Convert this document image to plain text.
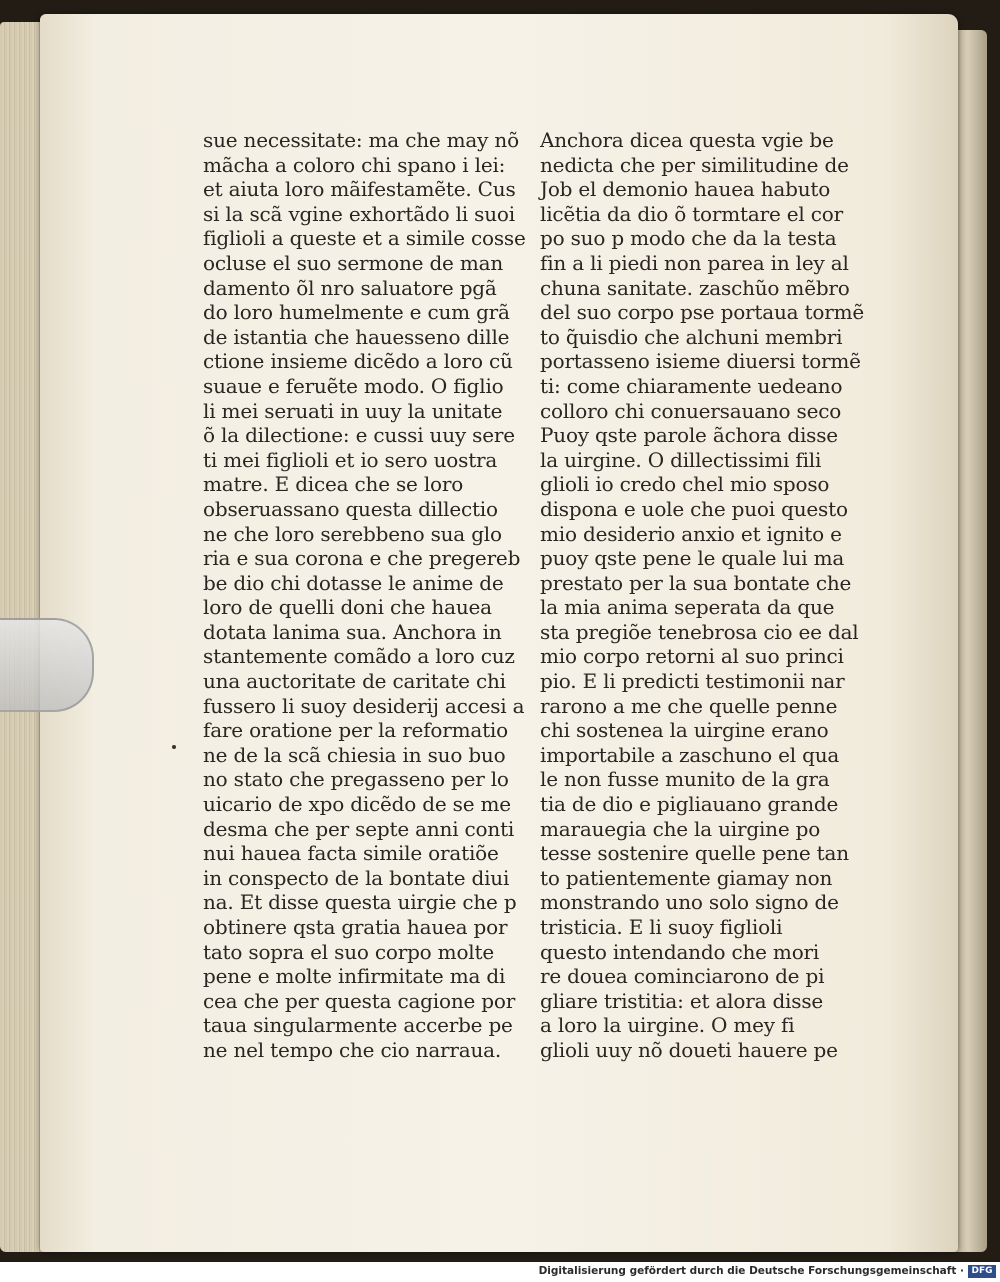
sue necessitate: ma che may nõ
mãcha a coloro chi spano i lei:
et aiuta loro mãifestamẽte. Cus
si la scã vgine exhortãdo li suoi
figlioli a queste et a simile cosse
ocluse el suo sermone de man
damento õl nro saluatore pgã
do loro humelmente e cum grã
de istantia che hauesseno dille
ctione insieme dicẽdo a loro cũ
suaue e feruẽte modo. O figlio
li mei seruati in uuy la unitate
õ la dilectione: e cussi uuy sere
ti mei figlioli et io sero uostra
matre. E dicea che se loro
obseruassano questa dillectio
ne che loro serebbeno sua glo
ria e sua corona e che pregereb
be dio chi dotasse le anime de
loro de quelli doni che hauea
dotata lanima sua. Anchora in
stantemente comãdo a loro cuz
una auctoritate de caritate chi
fussero li suoy desiderij accesi a
fare oratione per la reformatio
ne de la scã chiesia in suo buo
no stato che pregasseno per lo
uicario de xpo dicẽdo de se me
desma che per septe anni conti
nui hauea facta simile oratiõe
in conspecto de la bontate diui
na. Et disse questa uirgie che p
obtinere qsta gratia hauea por
tato sopra el suo corpo molte
pene e molte infirmitate ma di
cea che per questa cagione por
taua singularmente accerbe pe
ne nel tempo che cio narraua.
Anchora dicea questa vgie be
nedicta che per similitudine de
Job el demonio hauea habuto
licẽtia da dio õ tormtare el cor
po suo p modo che da la testa
fin a li piedi non parea in ley al
chuna sanitate. zaschũo mẽbro
del suo corpo pse portaua tormẽ
to q̃uisdio che alchuni membri
portasseno isieme diuersi tormẽ
ti: come chiaramente uedeano
colloro chi conuersauano seco
Puoy qste parole ãchora disse
la uirgine. O dillectissimi fili
glioli io credo chel mio sposo
dispona e uole che puoi questo
mio desiderio anxio et ignito e
puoy qste pene le quale lui ma
prestato per la sua bontate che
la mia anima seperata da que
sta pregiõe tenebrosa cio ee dal
mio corpo retorni al suo princi
pio. E li predicti testimonii nar
rarono a me che quelle penne
chi sostenea la uirgine erano
importabile a zaschuno el qua
le non fusse munito de la gra
tia de dio e pigliauano grande
marauegia che la uirgine po
tesse sostenire quelle pene tan
to patientemente giamay non
monstrando uno solo signo de
tristicia. E li suoy figlioli
questo intendando che mori
re douea cominciarono de pi
gliare tristitia: et alora disse
a loro la uirgine. O mey fi
glioli uuy nõ doueti hauere pe
Digitalisierung gefördert durch die Deutsche Forschungsgemeinschaft · DFG
